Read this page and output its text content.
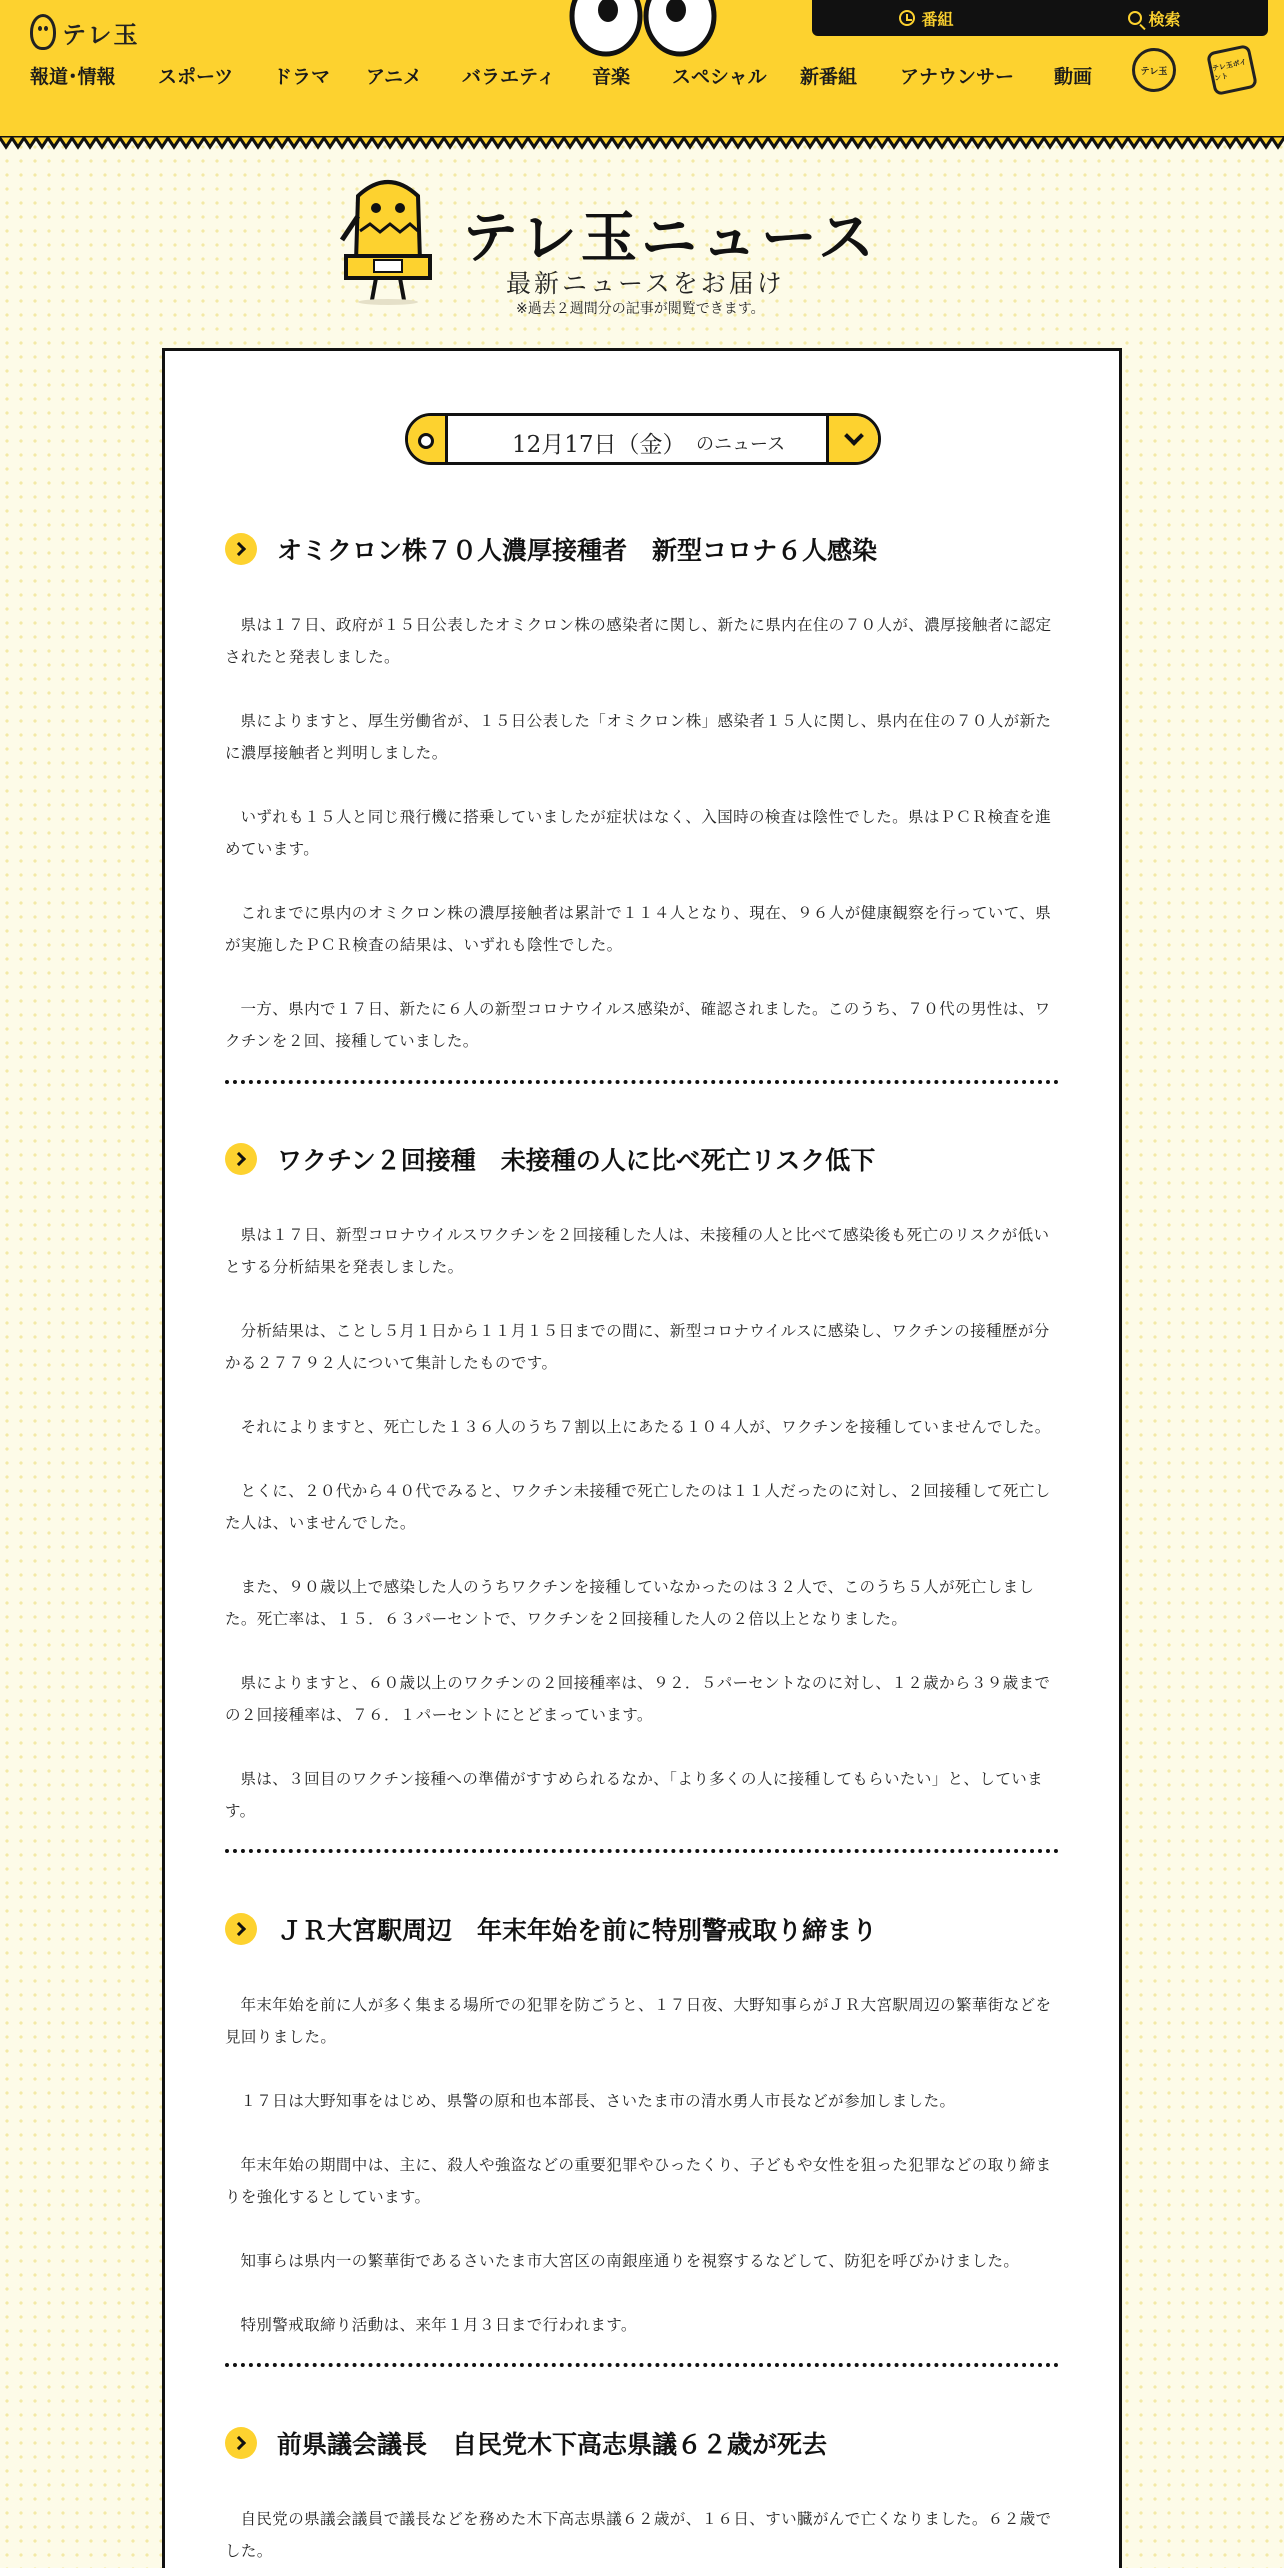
テレ玉
番組	検索
報道･情報 スポーツ ドラマ アニメ バラエティ 音楽 スペシャル 新番組 アナウンサー 動画	テレ玉	テレ玉ポイント
テレ玉ニュース
最新ニュースをお届け
※過去２週間分の記事が閲覧できます。
12月17日（金） のニュース
オミクロン株７０人濃厚接種者　新型コロナ６人感染

県は１７日、政府が１５日公表したオミクロン株の感染者に関し、新たに県内在住の７０人が、濃厚接触者に認定されたと発表しました。

県によりますと、厚生労働省が、１５日公表した「オミクロン株」感染者１５人に関し、県内在住の７０人が新たに濃厚接触者と判明しました。

いずれも１５人と同じ飛行機に搭乗していましたが症状はなく、入国時の検査は陰性でした。県はＰＣＲ検査を進めています。

これまでに県内のオミクロン株の濃厚接触者は累計で１１４人となり、現在、９６人が健康観察を行っていて、県が実施したＰＣＲ検査の結果は、いずれも陰性でした。

一方、県内で１７日、新たに６人の新型コロナウイルス感染が、確認されました。このうち、７０代の男性は、ワクチンを２回、接種していました。

ワクチン２回接種　未接種の人に比べ死亡リスク低下

県は１７日、新型コロナウイルスワクチンを２回接種した人は、未接種の人と比べて感染後も死亡のリスクが低いとする分析結果を発表しました。

分析結果は、ことし５月１日から１１月１５日までの間に、新型コロナウイルスに感染し、ワクチンの接種歴が分かる２７７９２人について集計したものです。

それによりますと、死亡した１３６人のうち７割以上にあたる１０４人が、ワクチンを接種していませんでした。

とくに、２０代から４０代でみると、ワクチン未接種で死亡したのは１１人だったのに対し、２回接種して死亡した人は、いませんでした。

また、９０歳以上で感染した人のうちワクチンを接種していなかったのは３２人で、このうち５人が死亡しました。死亡率は、１５．６３パーセントで、ワクチンを２回接種した人の２倍以上となりました。

県によりますと、６０歳以上のワクチンの２回接種率は、９２．５パーセントなのに対し、１２歳から３９歳までの２回接種率は、７６．１パーセントにとどまっています。

県は、３回目のワクチン接種への準備がすすめられるなか、「より多くの人に接種してもらいたい」と、しています。

ＪＲ大宮駅周辺　年末年始を前に特別警戒取り締まり

年末年始を前に人が多く集まる場所での犯罪を防ごうと、１７日夜、大野知事らがＪＲ大宮駅周辺の繁華街などを見回りました。

１７日は大野知事をはじめ、県警の原和也本部長、さいたま市の清水勇人市長などが参加しました。

年末年始の期間中は、主に、殺人や強盗などの重要犯罪やひったくり、子どもや女性を狙った犯罪などの取り締まりを強化するとしています。

知事らは県内一の繁華街であるさいたま市大宮区の南銀座通りを視察するなどして、防犯を呼びかけました。

特別警戒取締り活動は、来年１月３日まで行われます。

前県議会議長　自民党木下高志県議６２歳が死去

自民党の県議会議員で議長などを務めた木下高志県議６２歳が、１６日、すい臓がんで亡くなりました。６２歳でした。
